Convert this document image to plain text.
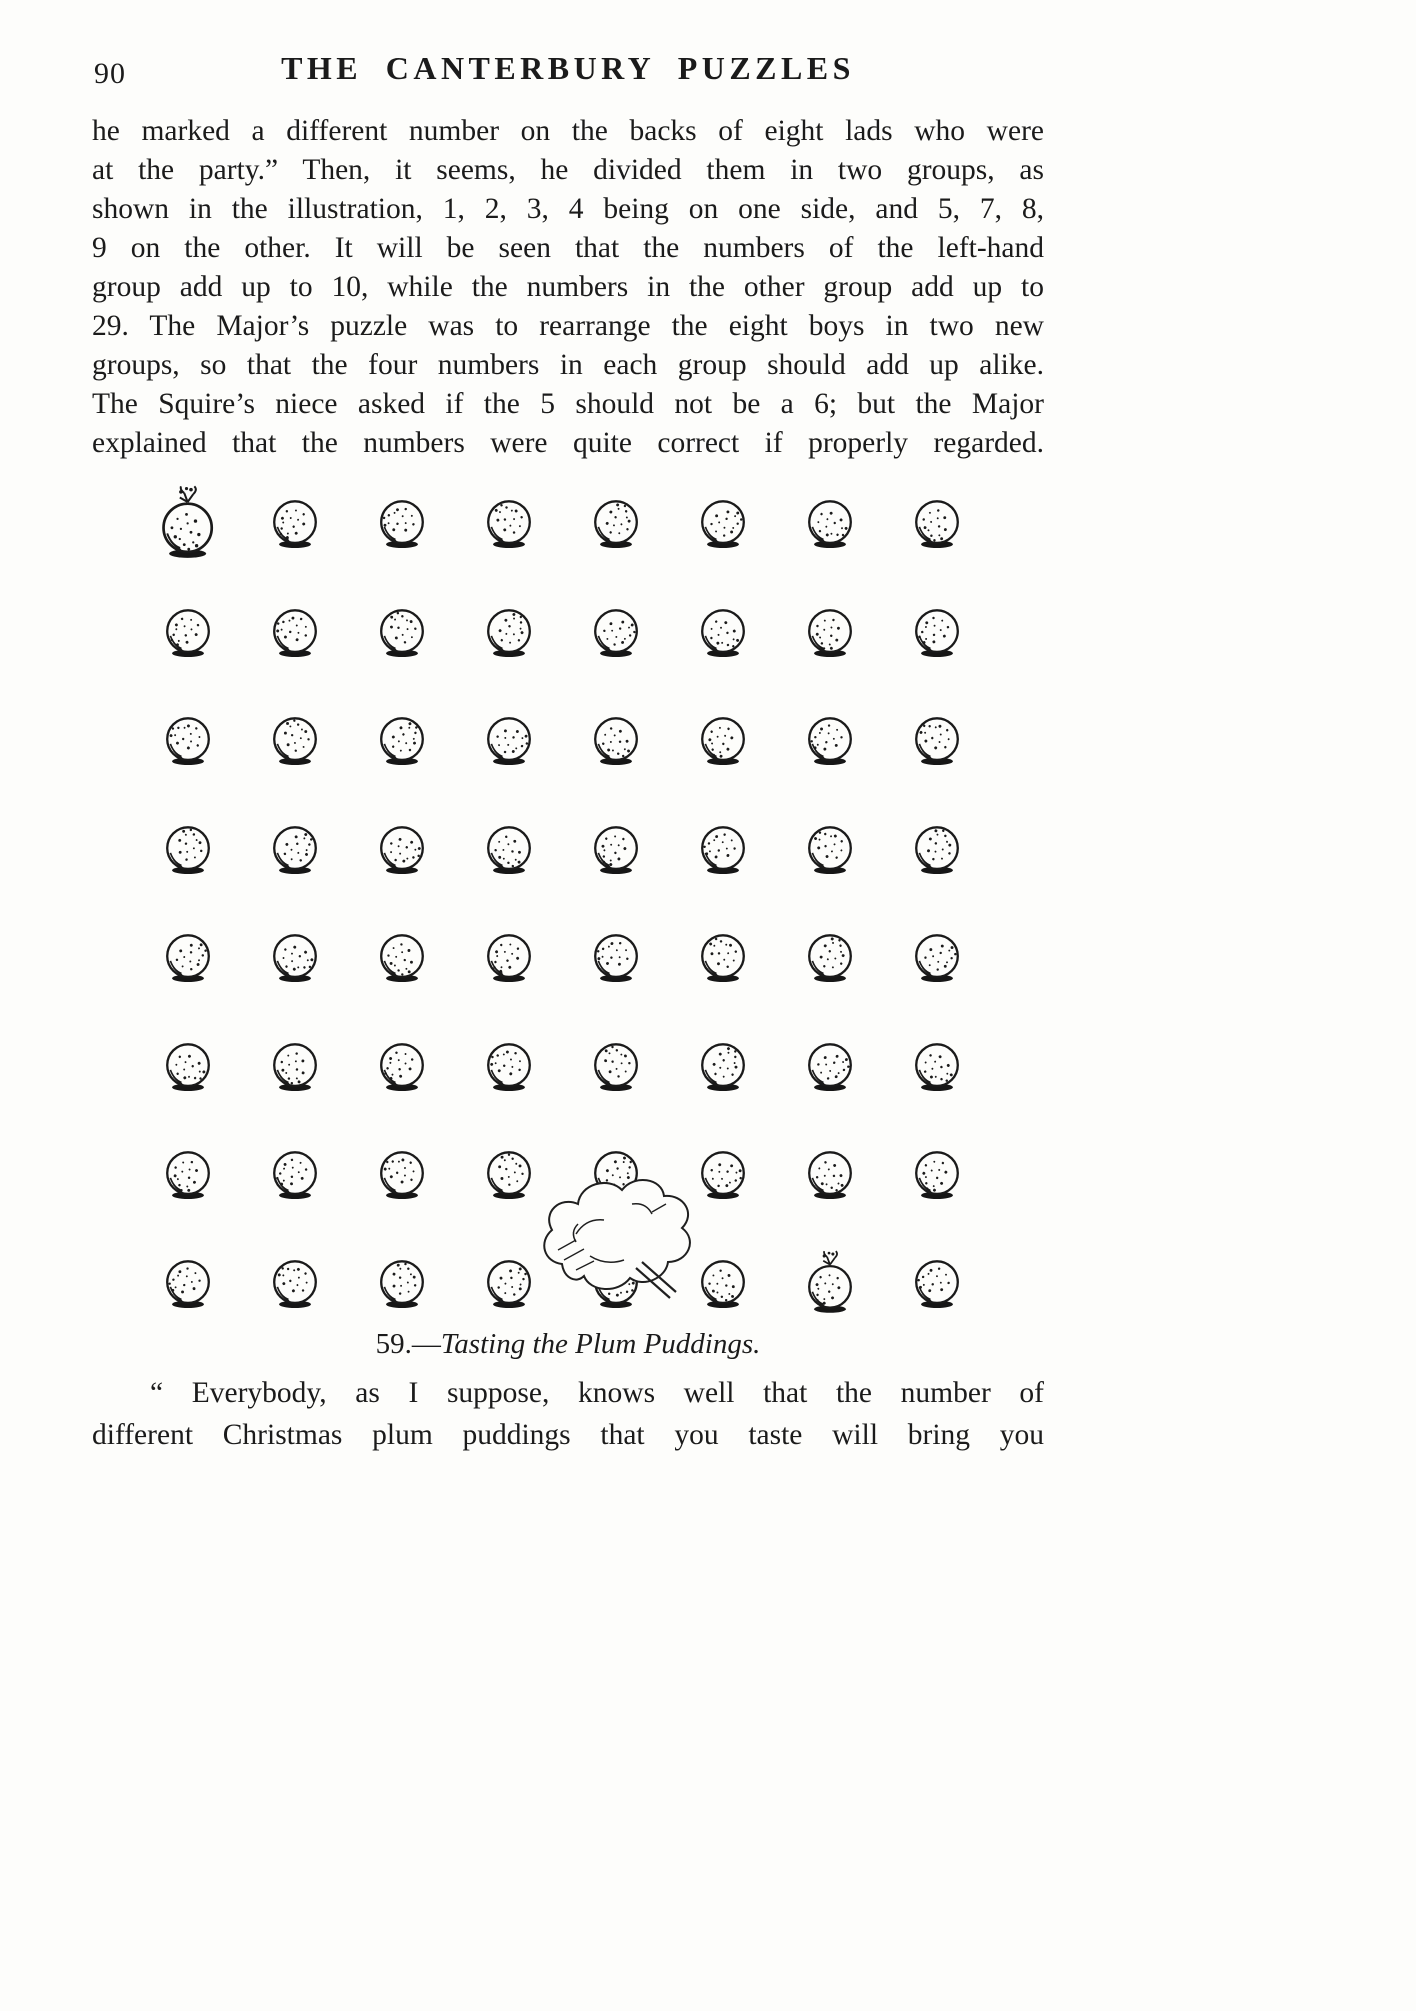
90	THE CANTERBURY PUZZLES
he marked a different number on the backs of eight lads who were
at the party.” Then, it seems, he divided them in two groups, as
shown in the illustration, 1, 2, 3, 4 being on one side, and 5, 7, 8,
9 on the other. It will be seen that the numbers of the left-hand
group add up to 10, while the numbers in the other group add up to
29. The Major’s puzzle was to rearrange the eight boys in two new
groups, so that the four numbers in each group should add up alike.
The Squire’s niece asked if the 5 should not be a 6; but the Major
explained that the numbers were quite correct if properly regarded.
59.—Tasting the Plum Puddings.
“ Everybody, as I suppose, knows well that the number of
different Christmas plum puddings that you taste will bring you
